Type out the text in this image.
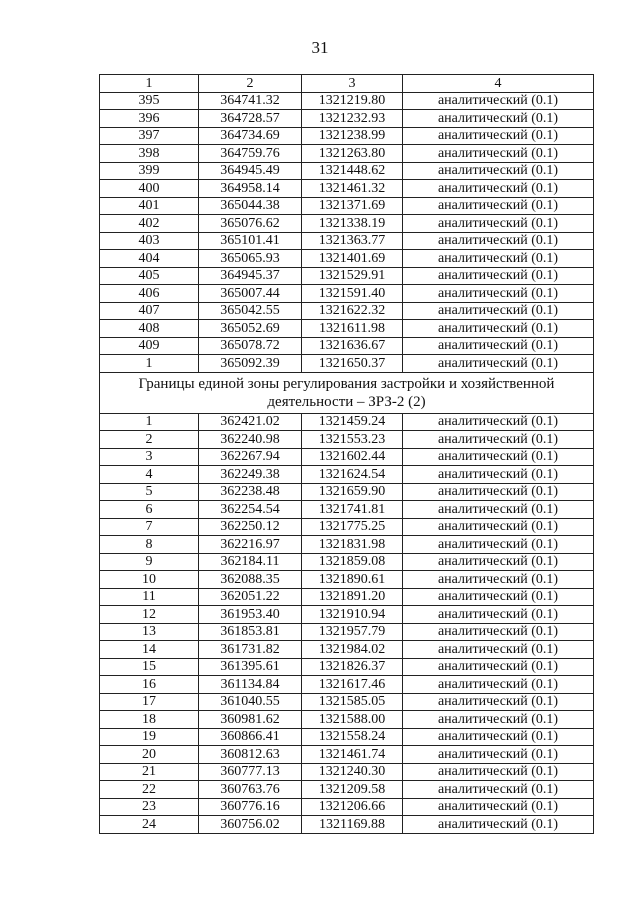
31
1	2	3	4
395	364741.32	1321219.80	аналитический (0.1)
396	364728.57	1321232.93	аналитический (0.1)
397	364734.69	1321238.99	аналитический (0.1)
398	364759.76	1321263.80	аналитический (0.1)
399	364945.49	1321448.62	аналитический (0.1)
400	364958.14	1321461.32	аналитический (0.1)
401	365044.38	1321371.69	аналитический (0.1)
402	365076.62	1321338.19	аналитический (0.1)
403	365101.41	1321363.77	аналитический (0.1)
404	365065.93	1321401.69	аналитический (0.1)
405	364945.37	1321529.91	аналитический (0.1)
406	365007.44	1321591.40	аналитический (0.1)
407	365042.55	1321622.32	аналитический (0.1)
408	365052.69	1321611.98	аналитический (0.1)
409	365078.72	1321636.67	аналитический (0.1)
1	365092.39	1321650.37	аналитический (0.1)
Границы единой зоны регулирования застройки и хозяйственной деятельности – ЗРЗ-2 (2)			
1	362421.02	1321459.24	аналитический (0.1)
2	362240.98	1321553.23	аналитический (0.1)
3	362267.94	1321602.44	аналитический (0.1)
4	362249.38	1321624.54	аналитический (0.1)
5	362238.48	1321659.90	аналитический (0.1)
6	362254.54	1321741.81	аналитический (0.1)
7	362250.12	1321775.25	аналитический (0.1)
8	362216.97	1321831.98	аналитический (0.1)
9	362184.11	1321859.08	аналитический (0.1)
10	362088.35	1321890.61	аналитический (0.1)
11	362051.22	1321891.20	аналитический (0.1)
12	361953.40	1321910.94	аналитический (0.1)
13	361853.81	1321957.79	аналитический (0.1)
14	361731.82	1321984.02	аналитический (0.1)
15	361395.61	1321826.37	аналитический (0.1)
16	361134.84	1321617.46	аналитический (0.1)
17	361040.55	1321585.05	аналитический (0.1)
18	360981.62	1321588.00	аналитический (0.1)
19	360866.41	1321558.24	аналитический (0.1)
20	360812.63	1321461.74	аналитический (0.1)
21	360777.13	1321240.30	аналитический (0.1)
22	360763.76	1321209.58	аналитический (0.1)
23	360776.16	1321206.66	аналитический (0.1)
24	360756.02	1321169.88	аналитический (0.1)
